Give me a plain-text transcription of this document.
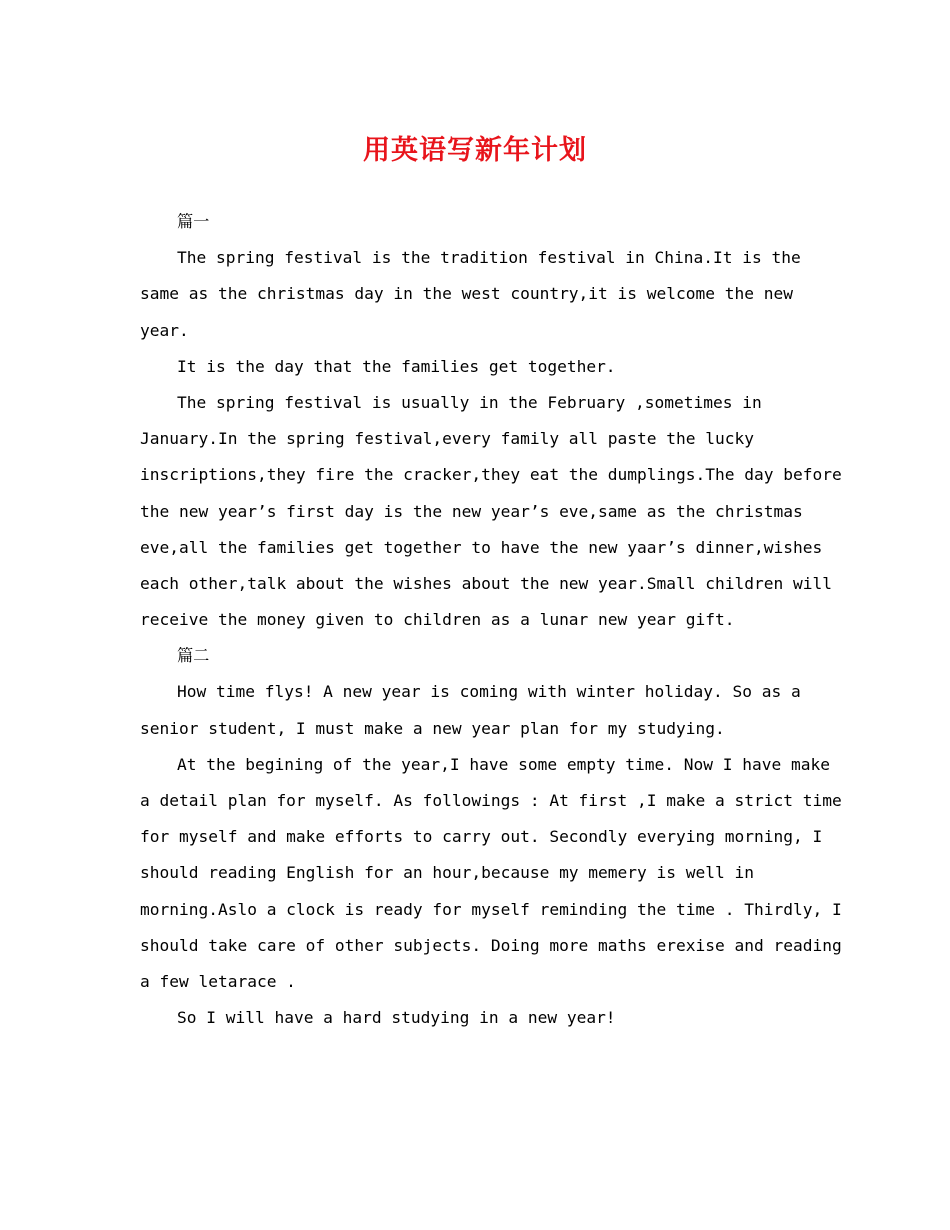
用英语写新年计划
篇一
The spring festival is the tradition festival in China.It is the
same as the christmas day in the west country,it is welcome the new
year.
It is the day that the families get together.
The spring festival is usually in the February ,sometimes in
January.In the spring festival,every family all paste the lucky
inscriptions,they fire the cracker,they eat the dumplings.The day before
the new year’s first day is the new year’s eve,same as the christmas
eve,all the families get together to have the new yaar’s dinner,wishes
each other,talk about the wishes about the new year.Small children will
receive the money given to children as a lunar new year gift.
篇二
How time flys! A new year is coming with winter holiday. So as a
senior student, I must make a new year plan for my studying.
At the begining of the year,I have some empty time. Now I have make
a detail plan for myself. As followings : At first ,I make a strict time
for myself and make efforts to carry out. Secondly everying morning, I
should reading English for an hour,because my memery is well in
morning.Aslo a clock is ready for myself reminding the time . Thirdly, I
should take care of other subjects. Doing more maths erexise and reading
a few letarace .
So I will have a hard studying in a new year!
